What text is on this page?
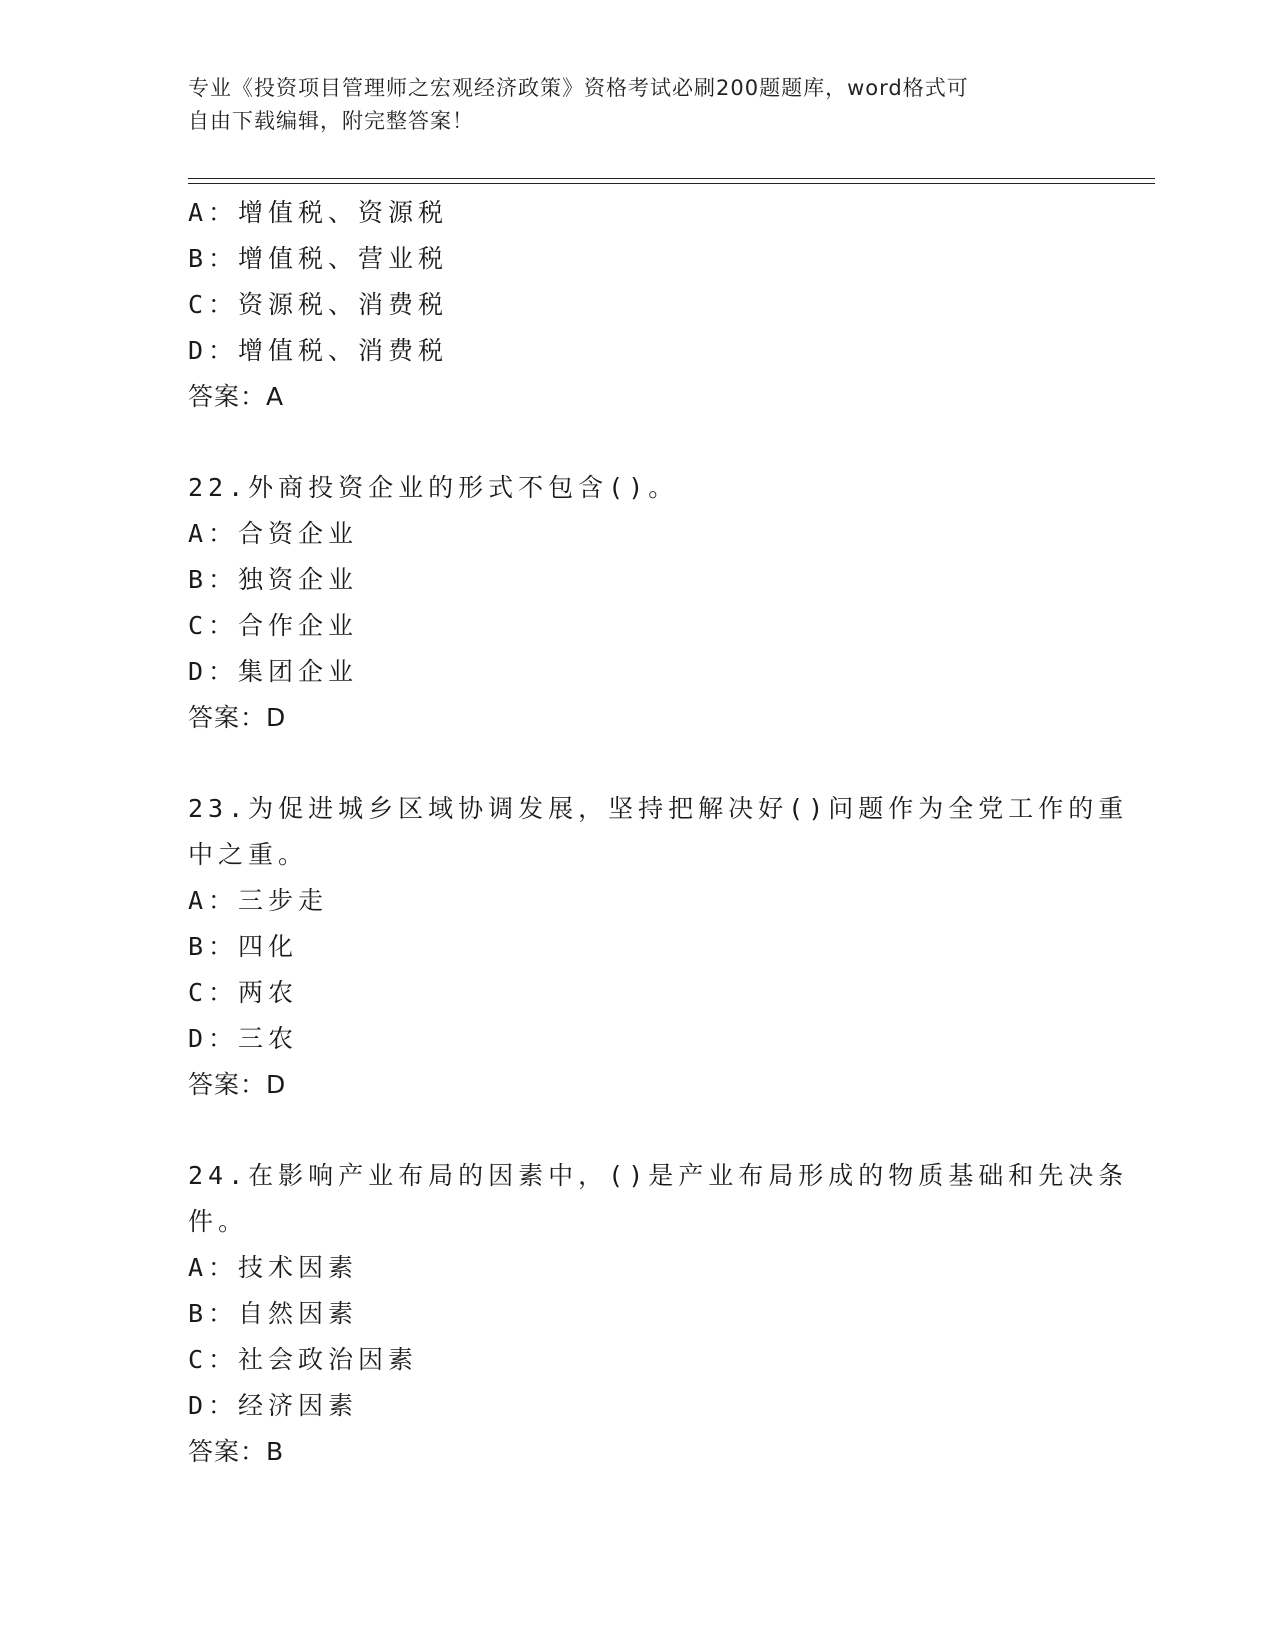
专业《投资项目管理师之宏观经济政策》资格考试必刷200题题库，word格式可
自由下载编辑，附完整答案！
A：增值税、资源税
B：增值税、营业税
C：资源税、消费税
D：增值税、消费税
答案：A
22.外商投资企业的形式不包含()。
A：合资企业
B：独资企业
C：合作企业
D：集团企业
答案：D
23.为促进城乡区域协调发展，坚持把解决好()问题作为全党工作的重
中之重。
A：三步走
B：四化
C：两农
D：三农
答案：D
24.在影响产业布局的因素中，()是产业布局形成的物质基础和先决条
件。
A：技术因素
B：自然因素
C：社会政治因素
D：经济因素
答案：B
